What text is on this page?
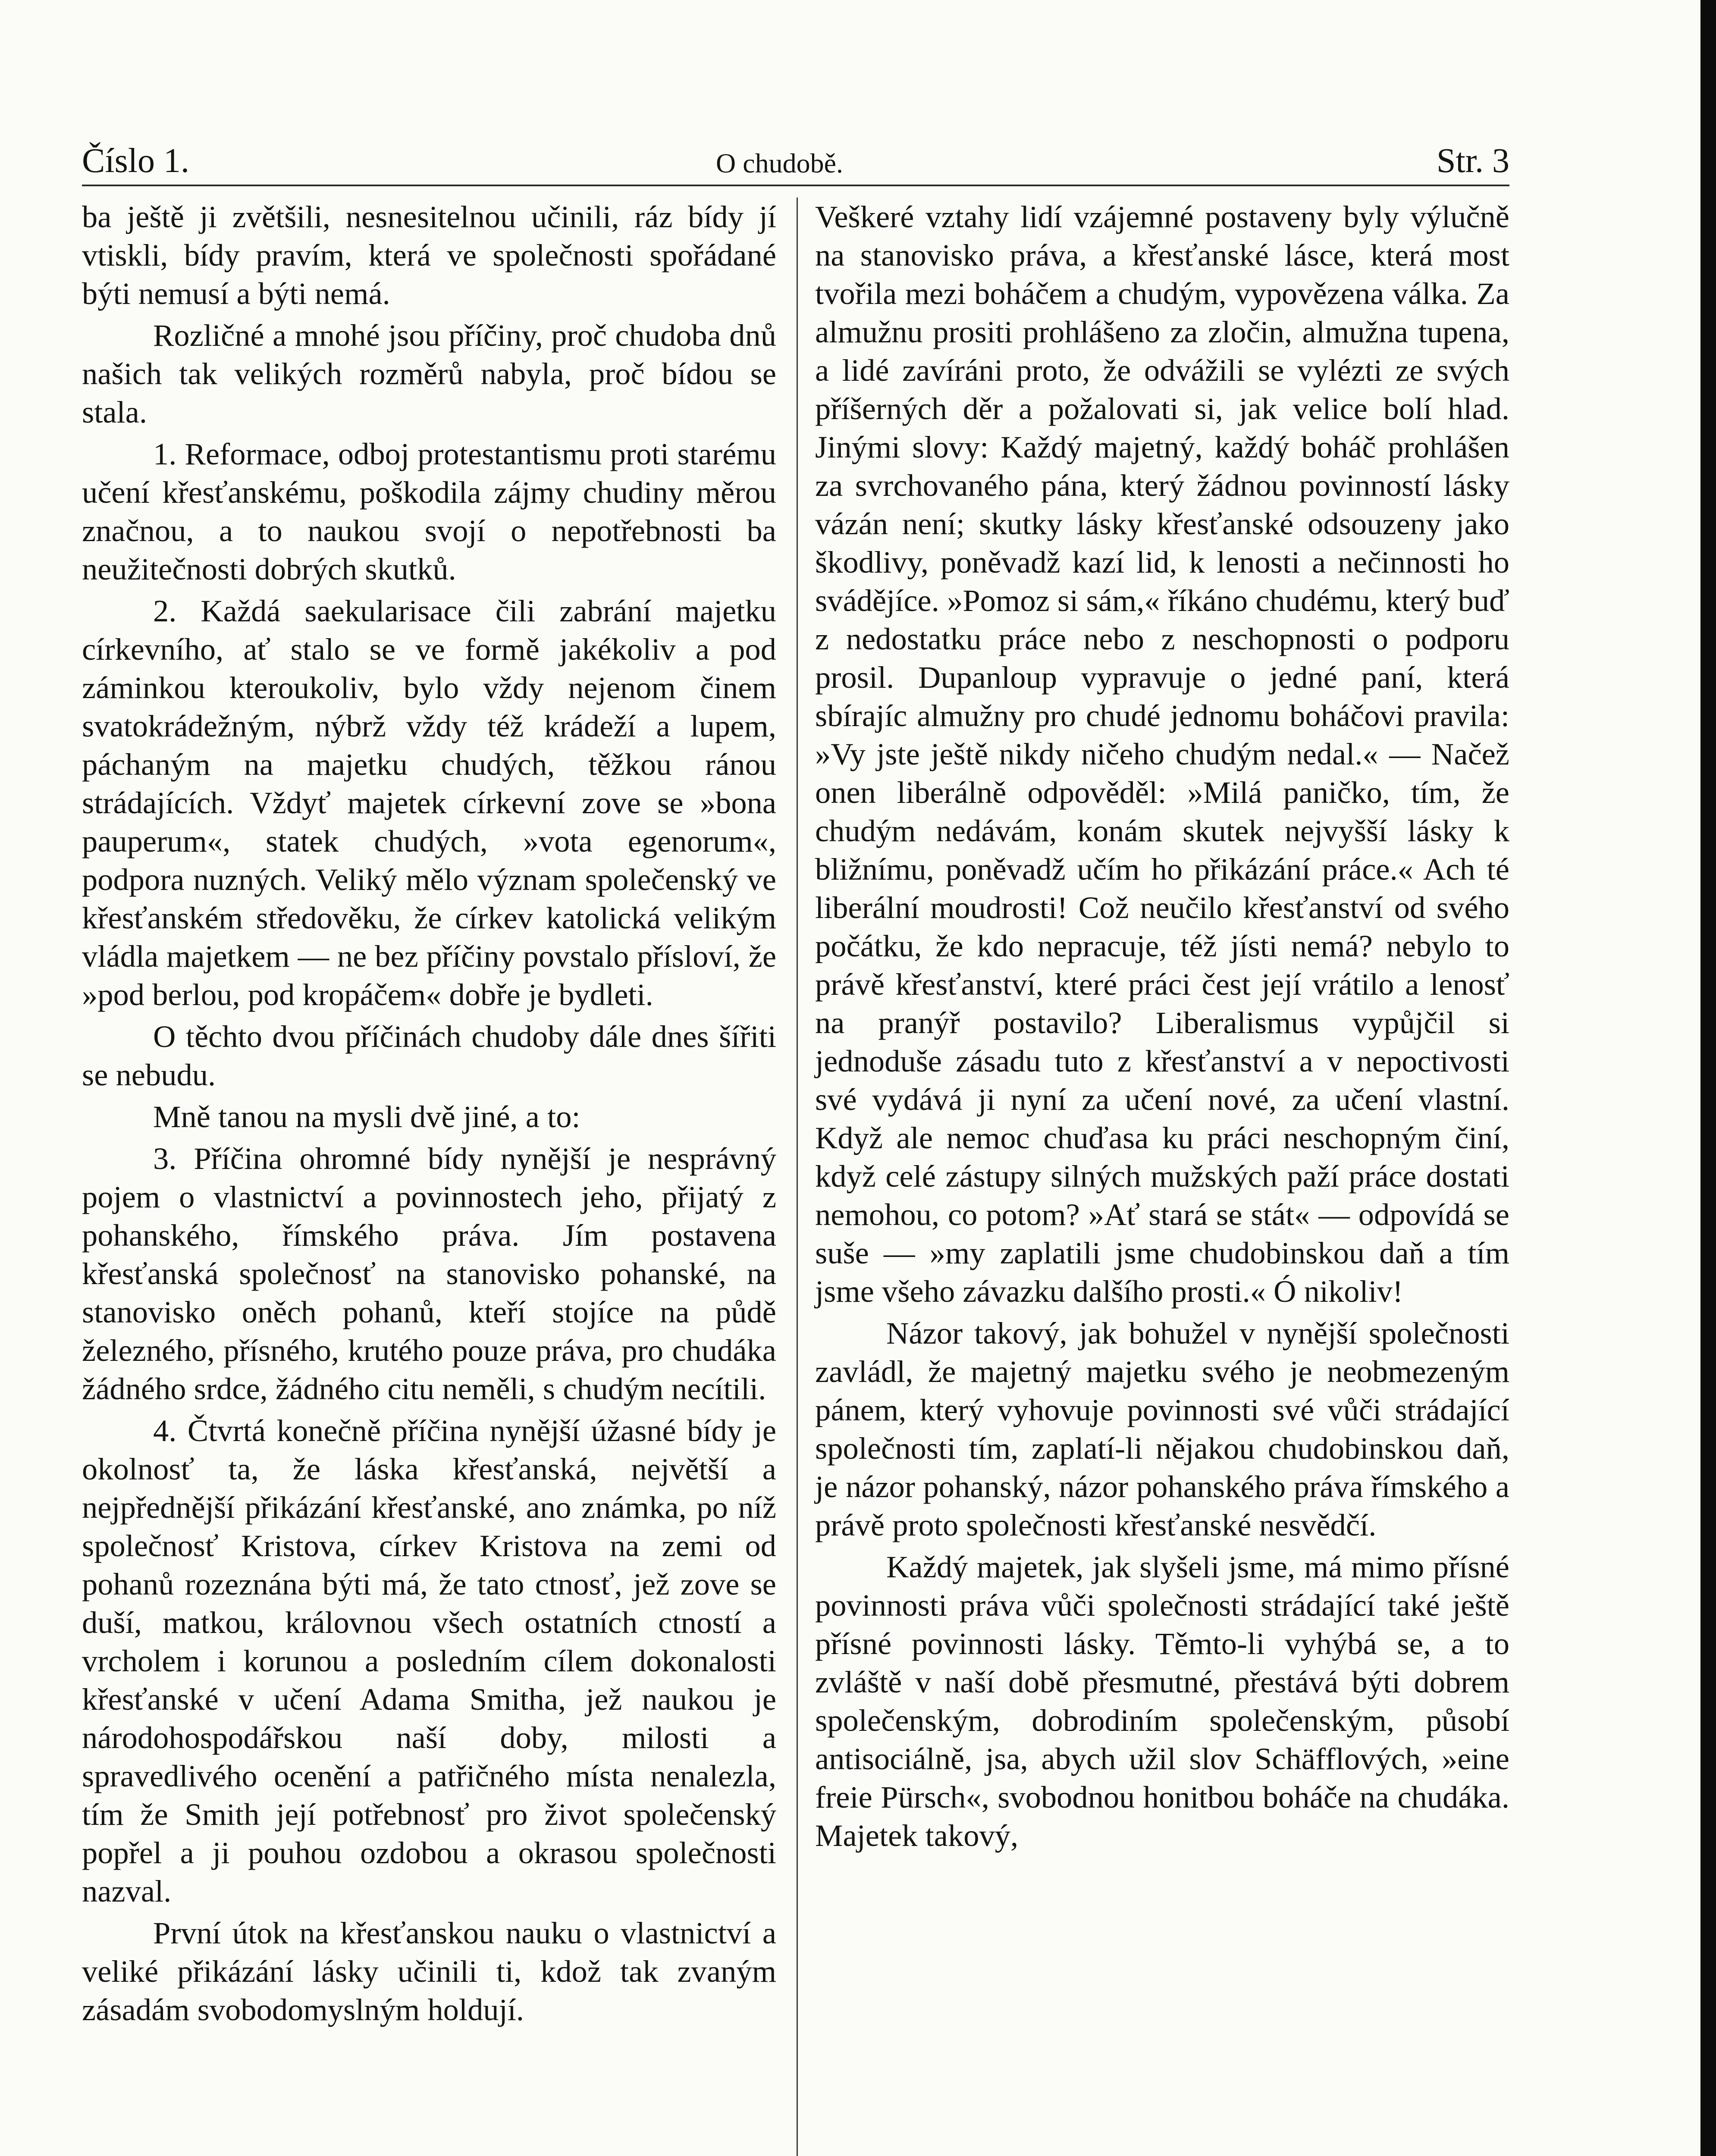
Číslo 1.	O chudobě.	Str. 3

ba ještě ji zvětšili, nesnesitelnou učinili, ráz bídy jí vtiskli, bídy pravím, která ve společnosti spořádané býti nemusí a býti nemá.

Rozličné a mnohé jsou příčiny, proč chudoba dnů našich tak velikých rozměrů nabyla, proč bídou se stala.

1. Reformace, odboj protestantismu proti starému učení křesťanskému, poškodila zájmy chudiny měrou značnou, a to naukou svojí o nepotřebnosti ba neužitečnosti dobrých skutků.

2. Každá saekularisace čili zabrání majetku církevního, ať stalo se ve formě jakékoliv a pod záminkou kteroukoliv, bylo vždy nejenom činem svatokrádežným, nýbrž vždy též krádeží a lupem, páchaným na majetku chudých, těžkou ránou strádajících. Vždyť majetek církevní zove se »bona pauperum«, statek chudých, »vota egenorum«, podpora nuzných. Veliký mělo význam společenský ve křesťanském středověku, že církev katolická velikým vládla majetkem — ne bez příčiny povstalo přísloví, že »pod berlou, pod kropáčem« dobře je bydleti.

O těchto dvou příčinách chudoby dále dnes šířiti se nebudu.

Mně tanou na mysli dvě jiné, a to:

3. Příčina ohromné bídy nynější je nesprávný pojem o vlastnictví a povinnostech jeho, přijatý z pohanského, římského práva. Jím postavena křesťanská společnosť na stanovisko pohanské, na stanovisko oněch pohanů, kteří stojíce na půdě železného, přísného, krutého pouze práva, pro chudáka žádného srdce, žádného citu neměli, s chudým necítili.

4. Čtvrtá konečně příčina nynější úžasné bídy je okolnosť ta, že láska křesťanská, největší a nejpřednější přikázání křesťanské, ano známka, po níž společnosť Kristova, církev Kristova na zemi od pohanů rozeznána býti má, že tato ctnosť, jež zove se duší, matkou, královnou všech ostatních ctností a vrcholem i korunou a posledním cílem dokonalosti křesťanské v učení Adama Smitha, jež naukou je národohospodářskou naší doby, milosti a spravedlivého ocenění a patřičného místa nenalezla, tím že Smith její potřebnosť pro život společenský popřel a ji pouhou ozdobou a okrasou společnosti nazval.

První útok na křesťanskou nauku o vlastnictví a veliké přikázání lásky učinili ti, kdož tak zvaným zásadám svobodomyslným holdují.

Veškeré vztahy lidí vzájemné postaveny byly výlučně na stanovisko práva, a křesťanské lásce, která most tvořila mezi boháčem a chudým, vypovězena válka. Za almužnu prositi prohlášeno za zločin, almužna tupena, a lidé zavíráni proto, že odvážili se vylézti ze svých příšerných děr a požalovati si, jak velice bolí hlad. Jinými slovy: Každý majetný, každý boháč prohlášen za svrchovaného pána, který žádnou povinností lásky vázán není; skutky lásky křesťanské odsouzeny jako škodlivy, poněvadž kazí lid, k lenosti a nečinnosti ho svádějíce. »Pomoz si sám,« říkáno chudému, který buď z nedostatku práce nebo z neschopnosti o podporu prosil. Dupanloup vypravuje o jedné paní, která sbírajíc almužny pro chudé jednomu boháčovi pravila: »Vy jste ještě nikdy ničeho chudým nedal.« — Načež onen liberálně odpověděl: »Milá paničko, tím, že chudým nedávám, konám skutek nejvyšší lásky k bližnímu, poněvadž učím ho přikázání práce.« Ach té liberální moudrosti! Což neučilo křesťanství od svého počátku, že kdo nepracuje, též jísti nemá? nebylo to právě křesťanství, které práci čest její vrátilo a lenosť na pranýř postavilo? Liberalismus vypůjčil si jednoduše zásadu tuto z křesťanství a v nepoctivosti své vydává ji nyní za učení nové, za učení vlastní. Když ale nemoc chuďasa ku práci neschopným činí, když celé zástupy silných mužských paží práce dostati nemohou, co potom? »Ať stará se stát« — odpovídá se suše — »my zaplatili jsme chudobinskou daň a tím jsme všeho závazku dalšího prosti.« Ó nikoliv!

Názor takový, jak bohužel v nynější společnosti zavládl, že majetný majetku svého je neobmezeným pánem, který vyhovuje povinnosti své vůči strádající společnosti tím, zaplatí-li nějakou chudobinskou daň, je názor pohanský, názor pohanského práva římského a právě proto společnosti křesťanské nesvědčí.

Každý majetek, jak slyšeli jsme, má mimo přísné povinnosti práva vůči společnosti strádající také ještě přísné povinnosti lásky. Těmto-li vyhýbá se, a to zvláště v naší době přesmutné, přestává býti dobrem společenským, dobrodiním společenským, působí antisociálně, jsa, abych užil slov Schäfflových, »eine freie Pürsch«, svobodnou honitbou boháče na chudáka. Majetek takový,
